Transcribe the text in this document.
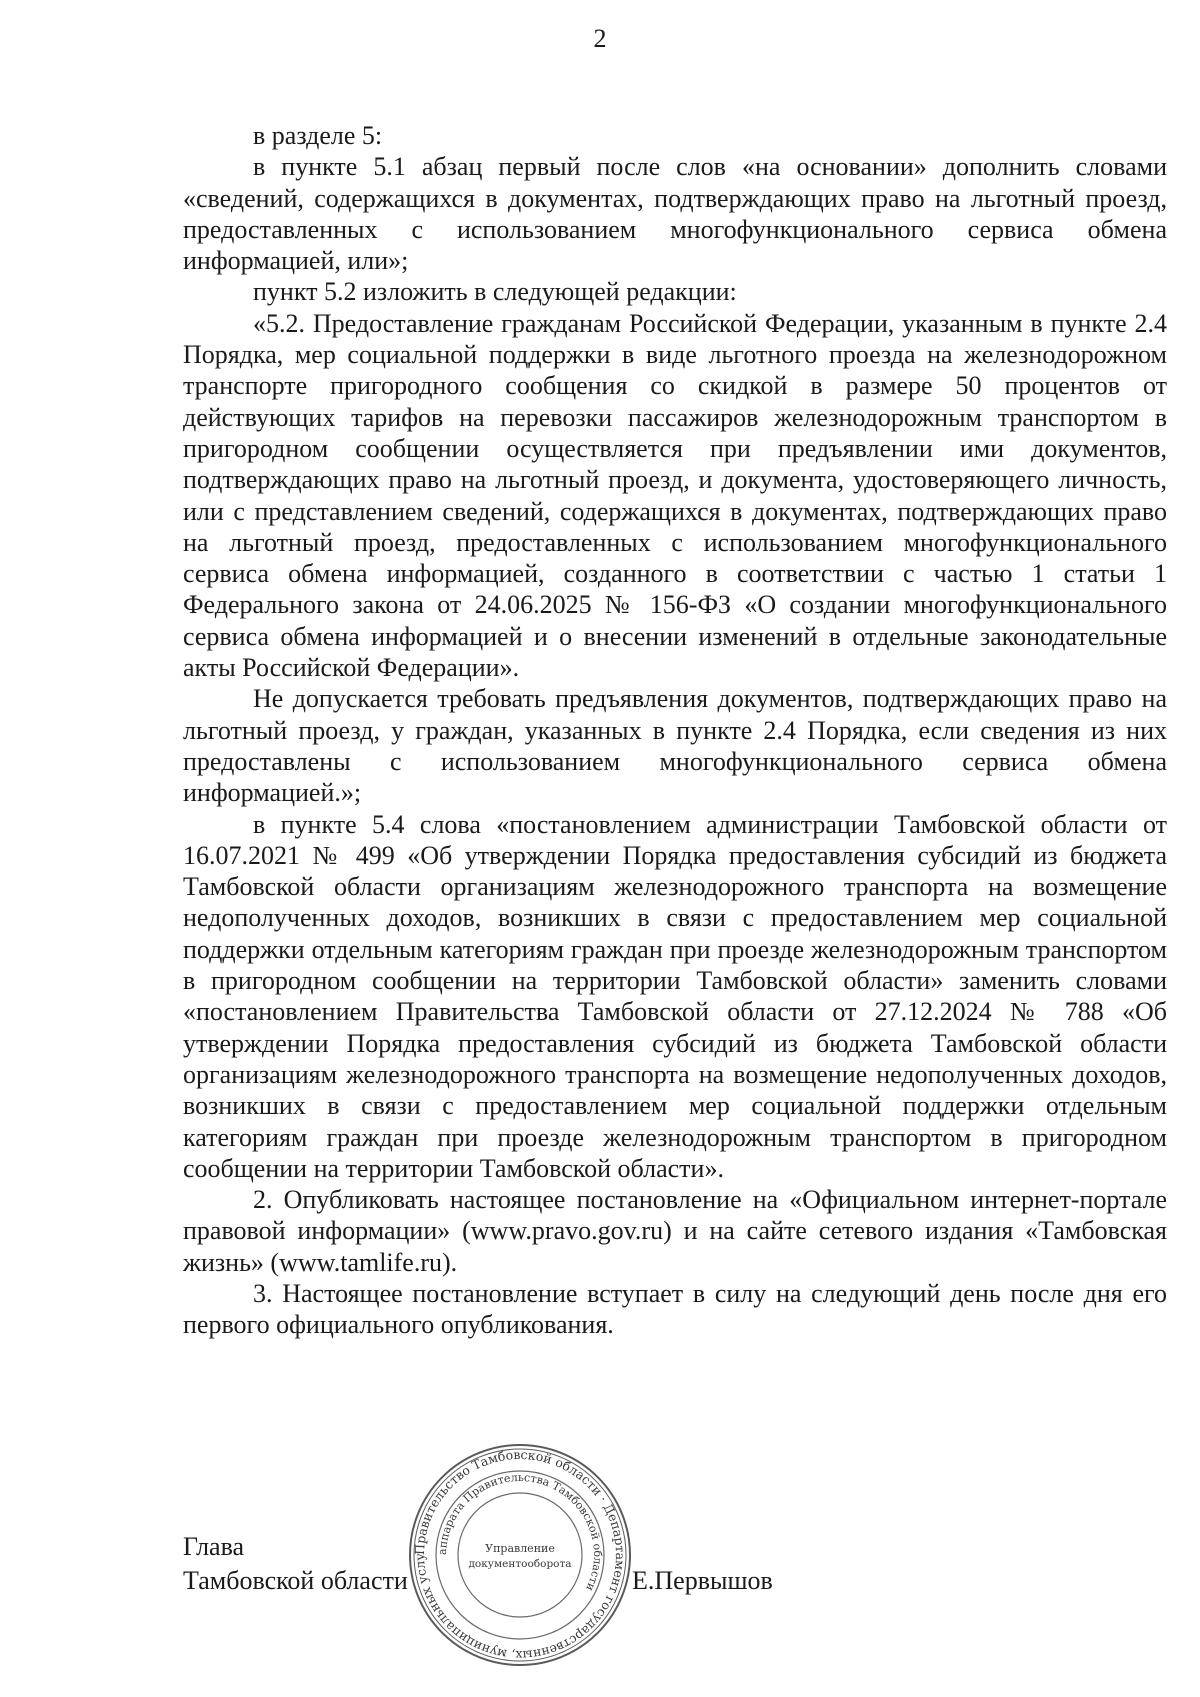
2

в разделе 5:

в пункте 5.1 абзац первый после слов «на основании» дополнить словами «сведений, содержащихся в документах, подтверждающих право на льготный проезд, предоставленных с использованием многофункционального сервиса обмена информацией, или»;

пункт 5.2 изложить в следующей редакции:

«5.2. Предоставление гражданам Российской Федерации, указанным в пункте 2.4 Порядка, мер социальной поддержки в виде льготного проезда на железнодорожном транспорте пригородного сообщения со скидкой в размере 50 процентов от действующих тарифов на перевозки пассажиров железнодорожным транспортом в пригородном сообщении осуществляется при предъявлении ими документов, подтверждающих право на льготный проезд, и документа, удостоверяющего личность, или с представлением сведений, содержащихся в документах, подтверждающих право на льготный проезд, предоставленных с использованием многофункционального сервиса обмена информацией, созданного в соответствии с частью 1 статьи 1 Федерального закона от 24.06.2025 № 156-ФЗ «О создании многофункционального сервиса обмена информацией и о внесении изменений в отдельные законодательные акты Российской Федерации».

Не допускается требовать предъявления документов, подтверждающих право на льготный проезд, у граждан, указанных в пункте 2.4 Порядка, если сведения из них предоставлены с использованием многофункционального сервиса обмена информацией.»;

в пункте 5.4 слова «постановлением администрации Тамбовской области от 16.07.2021 № 499 «Об утверждении Порядка предоставления субсидий из бюджета Тамбовской области организациям железнодорожного транспорта на возмещение недополученных доходов, возникших в связи с предоставлением мер социальной поддержки отдельным категориям граждан при проезде железнодорожным транспортом в пригородном сообщении на территории Тамбовской области» заменить словами «постановлением Правительства Тамбовской области от 27.12.2024 № 788 «Об утверждении Порядка предоставления субсидий из бюджета Тамбовской области организациям железнодорожного транспорта на возмещение недополученных доходов, возникших в связи с предоставлением мер социальной поддержки отдельным категориям граждан при проезде железнодорожным транспортом в пригородном сообщении на территории Тамбовской области».

2. Опубликовать настоящее постановление на «Официальном интернет-портале правовой информации» (www.pravo.gov.ru) и на сайте сетевого издания «Тамбовская жизнь» (www.tamlife.ru).

3. Настоящее постановление вступает в силу на следующий день после дня его первого официального опубликования.

Глава
Тамбовской области	Е.Первышов
Правительство Тамбовской области · Департамент государственных, муниципальных услуг и документооборота · Правительство Тамбовской
аппарата Правительства Тамбовской области
Управление
документооборота
